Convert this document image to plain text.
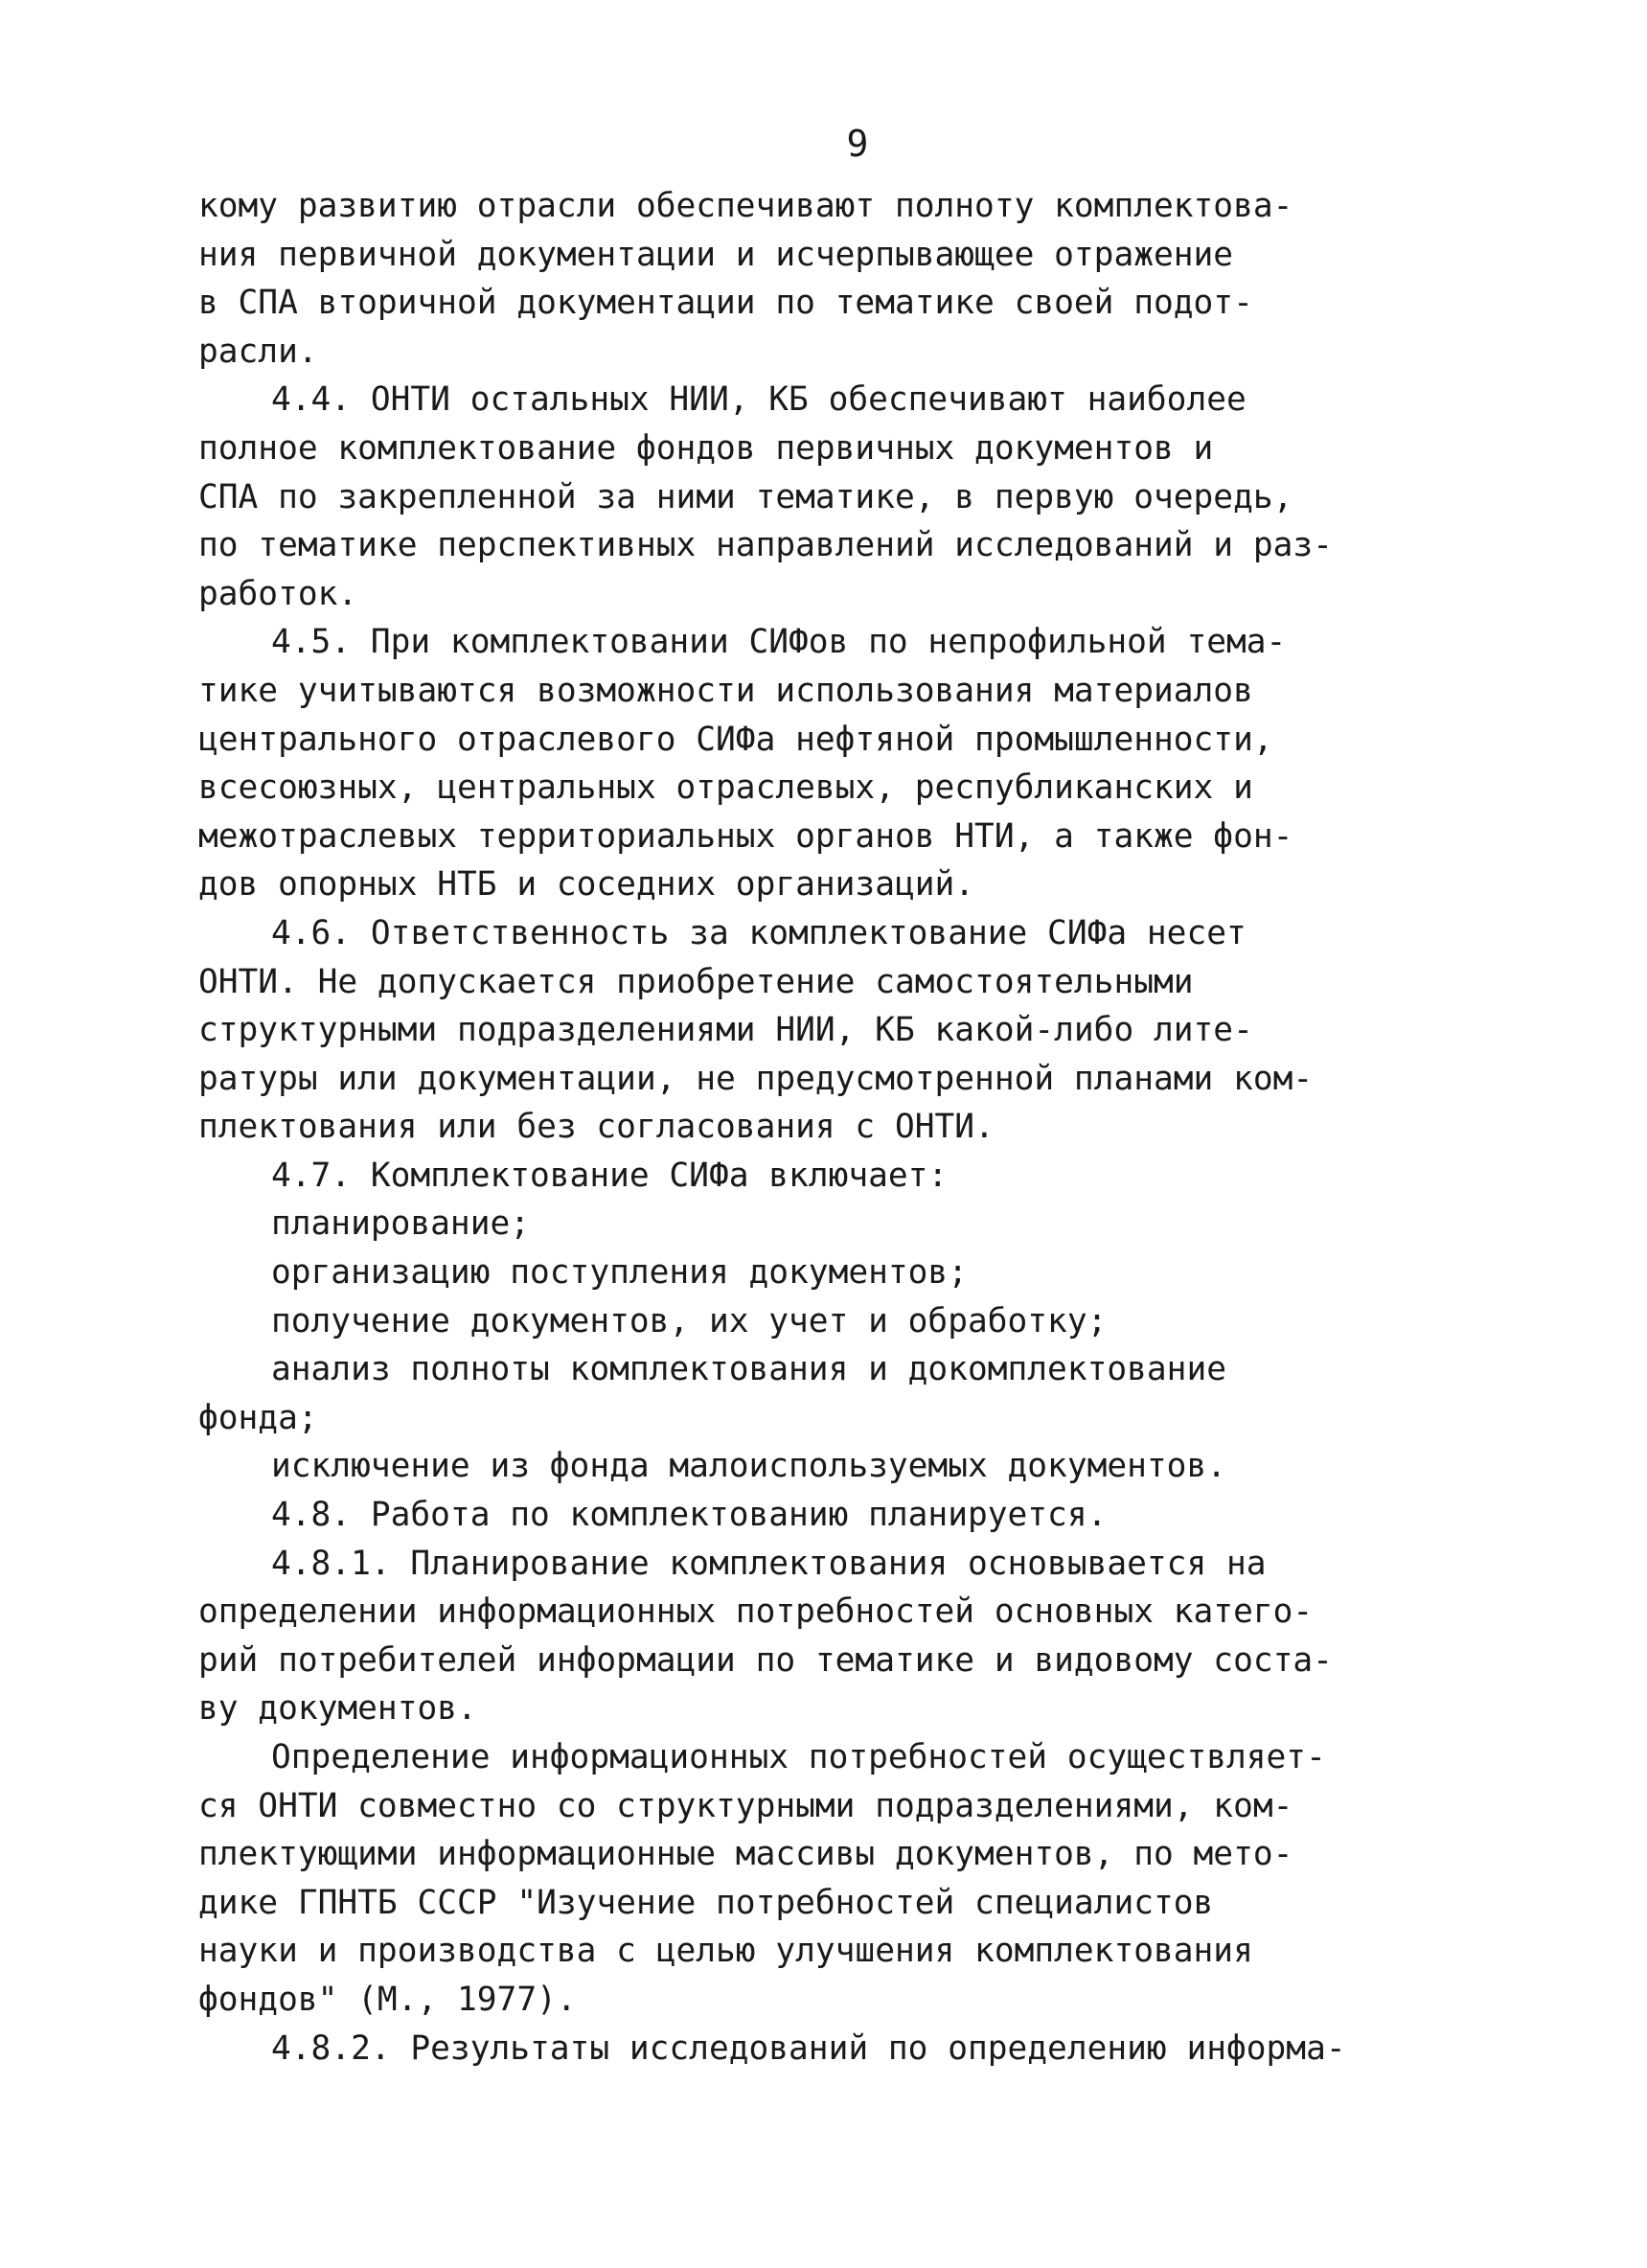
9
кому развитию отрасли обеспечивают полноту комплектова-
ния первичной документации и исчерпывающее отражение
в СПА вторичной документации по тематике своей подот-
расли.
4.4. ОНТИ остальных НИИ, КБ обеспечивают наиболее
полное комплектование фондов первичных документов и
СПА по закрепленной за ними тематике, в первую очередь,
по тематике перспективных направлений исследований и раз-
работок.
4.5. При комплектовании СИФов по непрофильной тема-
тике учитываются возможности использования материалов
центрального отраслевого СИФа нефтяной промышленности,
всесоюзных, центральных отраслевых, республиканских и
межотраслевых территориальных органов НТИ, а также фон-
дов опорных НТБ и соседних организаций.
4.6. Ответственность за комплектование СИФа несет
ОНТИ. Не допускается приобретение самостоятельными
структурными подразделениями НИИ, КБ какой-либо лите-
ратуры или документации, не предусмотренной планами ком-
плектования или без согласования с ОНТИ.
4.7. Комплектование СИФа включает:
планирование;
организацию поступления документов;
получение документов, их учет и обработку;
анализ полноты комплектования и докомплектование
фонда;
исключение из фонда малоиспользуемых документов.
4.8. Работа по комплектованию планируется.
4.8.1. Планирование комплектования основывается на
определении информационных потребностей основных катего-
рий потребителей информации по тематике и видовому соста-
ву документов.
Определение информационных потребностей осуществляет-
ся ОНТИ совместно со структурными подразделениями, ком-
плектующими информационные массивы документов, по мето-
дике ГПНТБ СССР "Изучение потребностей специалистов
науки и производства с целью улучшения комплектования
фондов" (М., 1977).
4.8.2. Результаты исследований по определению информа-
